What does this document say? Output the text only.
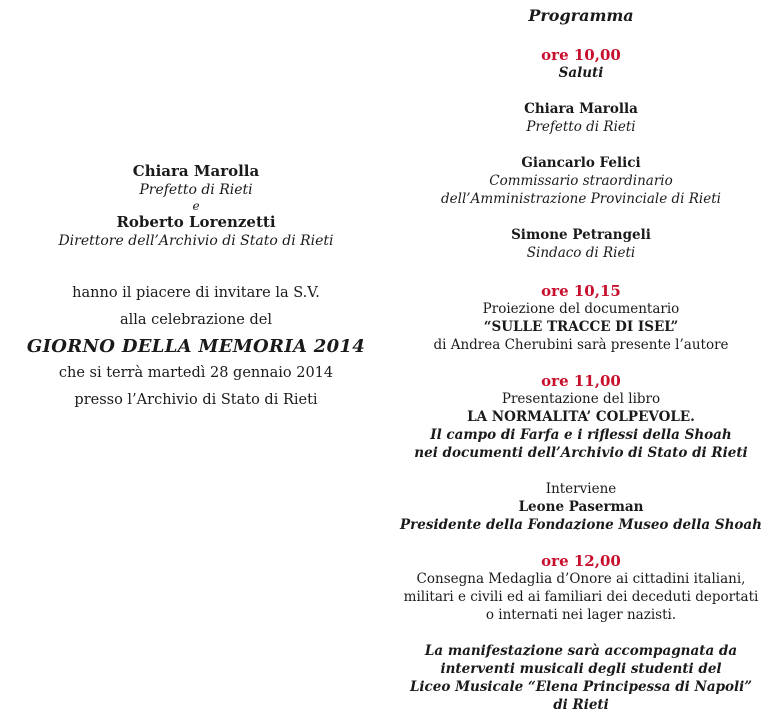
Chiara Marolla
Prefetto di Rieti
e
Roberto Lorenzetti
Direttore dell’Archivio di Stato di Rieti
hanno il piacere di invitare la S.V.
alla celebrazione del
GIORNO DELLA MEMORIA 2014
che si terrà martedì 28 gennaio 2014
presso l’Archivio di Stato di Rieti
Programma
ore 10,00
Saluti
Chiara Marolla
Prefetto di Rieti
Giancarlo Felici
Commissario straordinario
dell’Amministrazione Provinciale di Rieti
Simone Petrangeli
Sindaco di Rieti
ore 10,15
Proiezione del documentario
“SULLE TRACCE DI ISEL”
di Andrea Cherubini sarà presente l’autore
ore 11,00
Presentazione del libro
LA NORMALITA’ COLPEVOLE.
Il campo di Farfa e i riflessi della Shoah
nei documenti dell’Archivio di Stato di Rieti
Interviene
Leone Paserman
Presidente della Fondazione Museo della Shoah
ore 12,00
Consegna Medaglia d’Onore ai cittadini italiani,
militari e civili ed ai familiari dei deceduti deportati
o internati nei lager nazisti.
La manifestazione sarà accompagnata da
interventi musicali degli studenti del
Liceo Musicale “Elena Principessa di Napoli”
di Rieti
